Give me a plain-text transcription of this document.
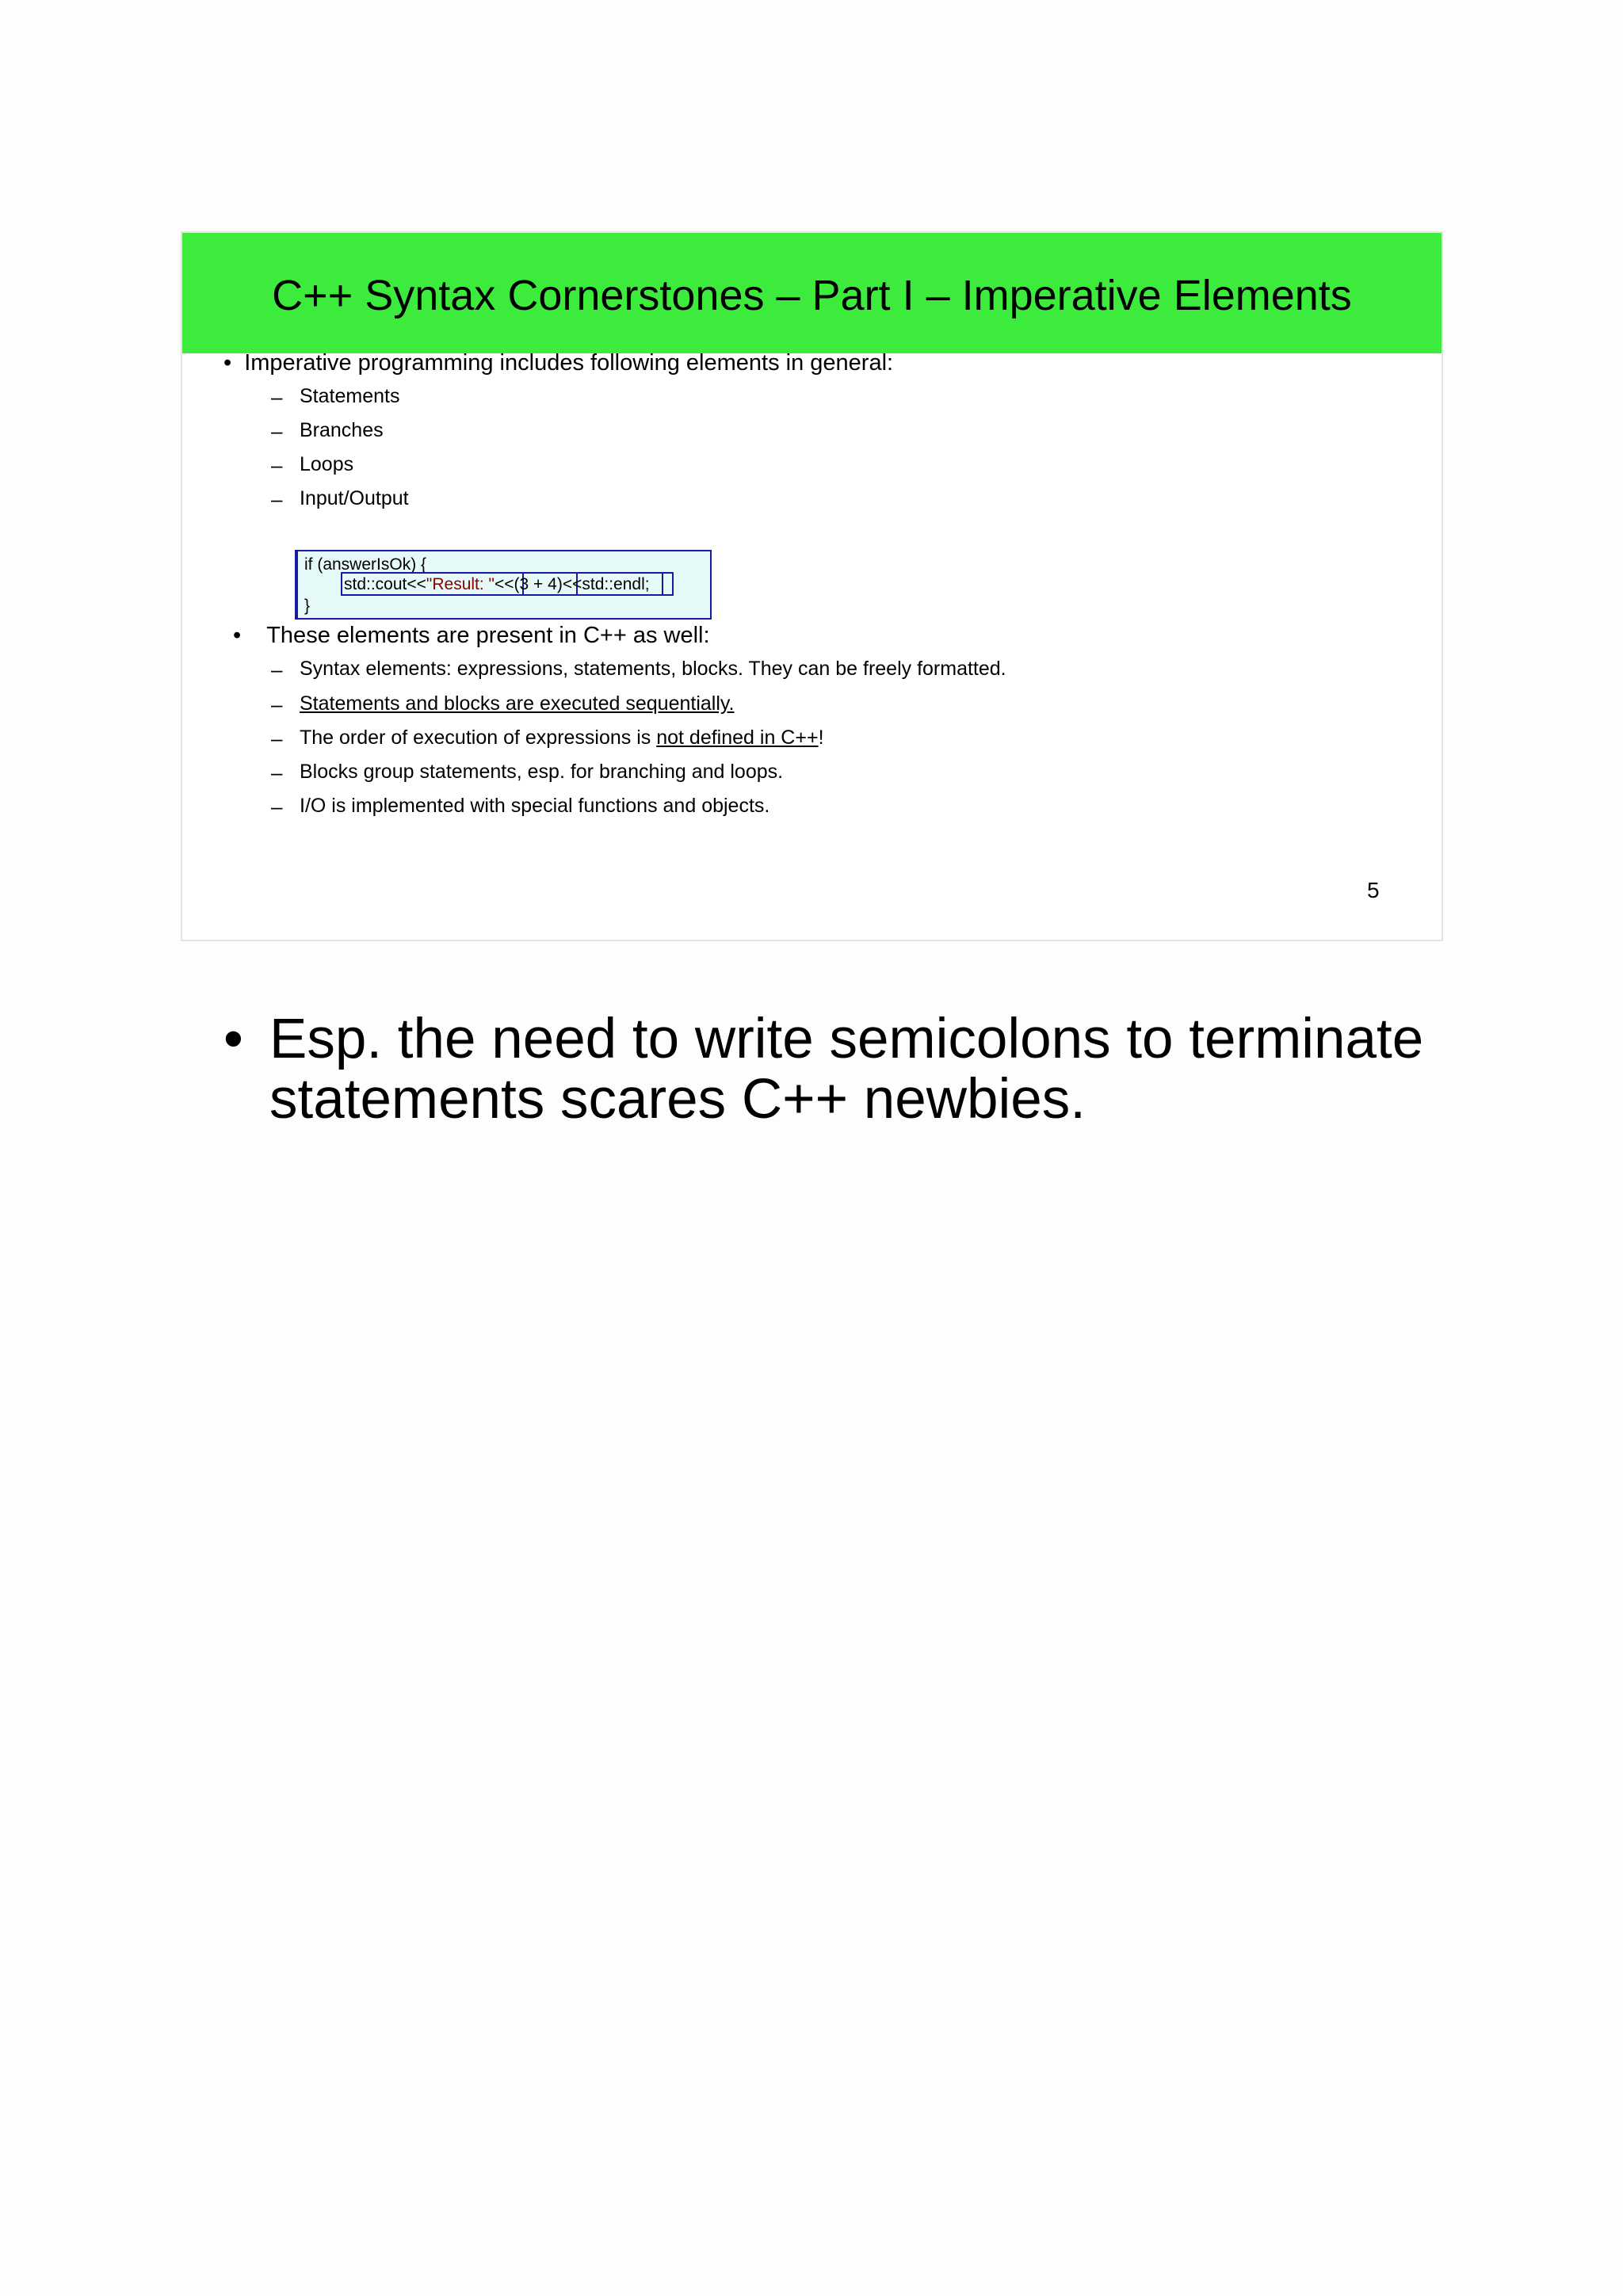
C++ Syntax Cornerstones – Part I – Imperative Elements
• Imperative programming includes following elements in general:
– Statements
– Branches
– Loops
– Input/Output
if (answerIsOk) {
std::cout<<"Result: "<<(3 + 4)<<std::endl;
}
• These elements are present in C++ as well:
– Syntax elements: expressions, statements, blocks. They can be freely formatted.
– Statements and blocks are executed sequentially.
– The order of execution of expressions is not defined in C++!
– Blocks group statements, esp. for branching and loops.
– I/O is implemented with special functions and objects.
5
• Esp. the need to write semicolons to terminate statements scares C++ newbies.
